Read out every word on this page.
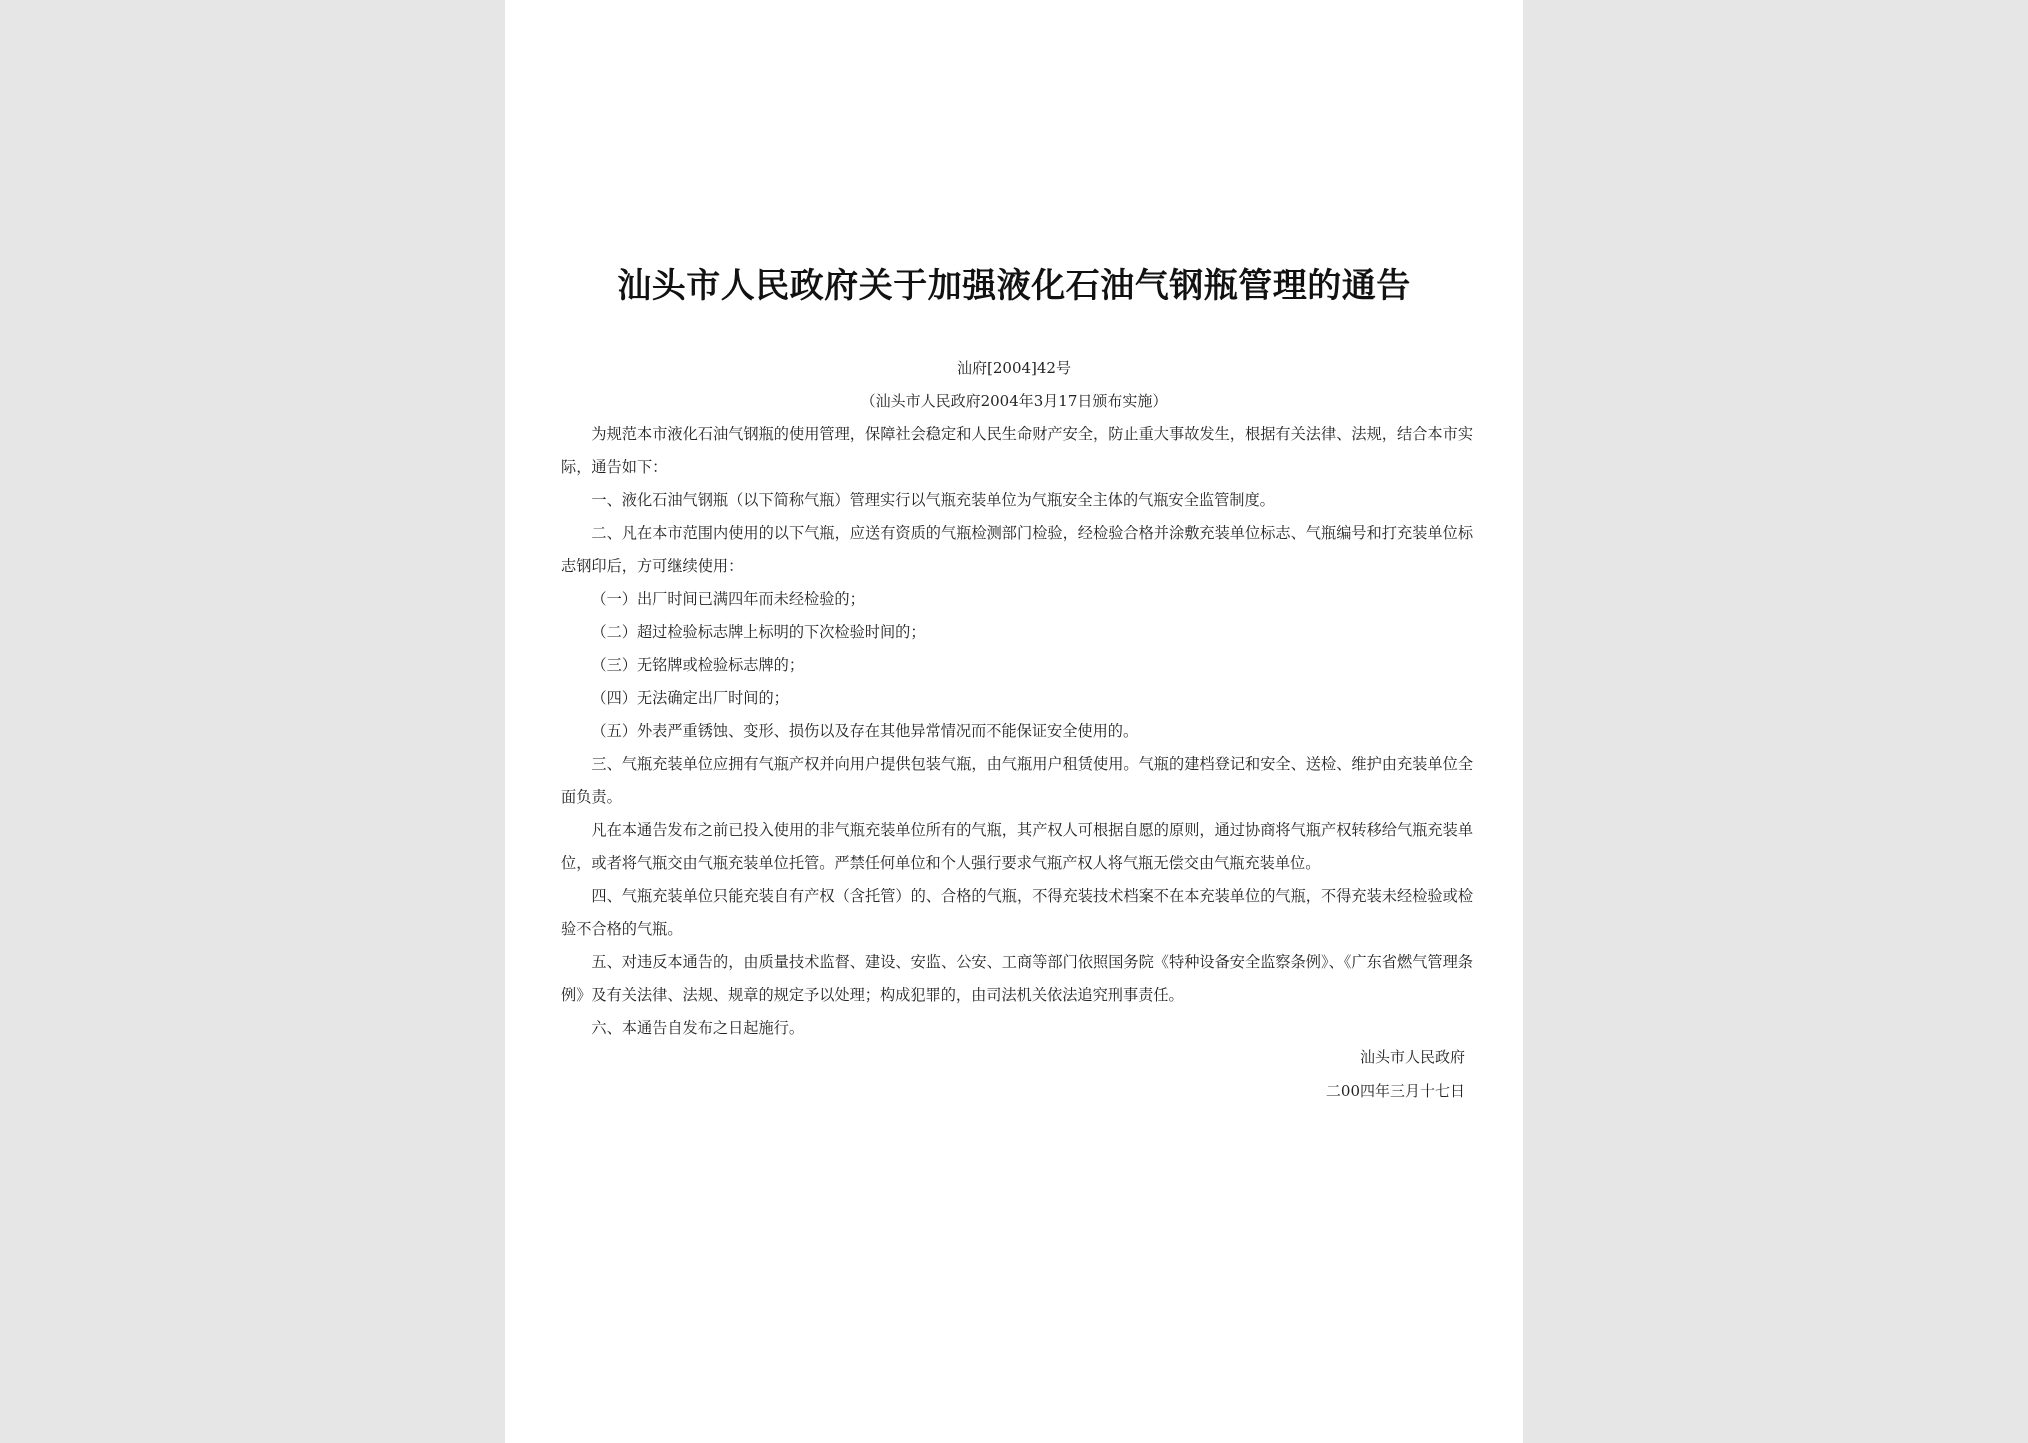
汕头市人民政府关于加强液化石油气钢瓶管理的通告
汕府[2004]42号
（汕头市人民政府2004年3月17日颁布实施）

为规范本市液化石油气钢瓶的使用管理，保障社会稳定和人民生命财产安全，防止重大事故发生，根据有关法律、法规，结合本市实际，通告如下：

一、液化石油气钢瓶（以下简称气瓶）管理实行以气瓶充装单位为气瓶安全主体的气瓶安全监管制度。

二、凡在本市范围内使用的以下气瓶，应送有资质的气瓶检测部门检验，经检验合格并涂敷充装单位标志、气瓶编号和打充装单位标志钢印后，方可继续使用：

（一）出厂时间已满四年而未经检验的；

（二）超过检验标志牌上标明的下次检验时间的；

（三）无铭牌或检验标志牌的；

（四）无法确定出厂时间的；

（五）外表严重锈蚀、变形、损伤以及存在其他异常情况而不能保证安全使用的。

三、气瓶充装单位应拥有气瓶产权并向用户提供包装气瓶，由气瓶用户租赁使用。气瓶的建档登记和安全、送检、维护由充装单位全面负责。

凡在本通告发布之前已投入使用的非气瓶充装单位所有的气瓶，其产权人可根据自愿的原则，通过协商将气瓶产权转移给气瓶充装单位，或者将气瓶交由气瓶充装单位托管。严禁任何单位和个人强行要求气瓶产权人将气瓶无偿交由气瓶充装单位。

四、气瓶充装单位只能充装自有产权（含托管）的、合格的气瓶，不得充装技术档案不在本充装单位的气瓶，不得充装未经检验或检验不合格的气瓶。

五、对违反本通告的，由质量技术监督、建设、安监、公安、工商等部门依照国务院《特种设备安全监察条例》、《广东省燃气管理条例》及有关法律、法规、规章的规定予以处理；构成犯罪的，由司法机关依法追究刑事责任。

六、本通告自发布之日起施行。

汕头市人民政府
二00四年三月十七日
